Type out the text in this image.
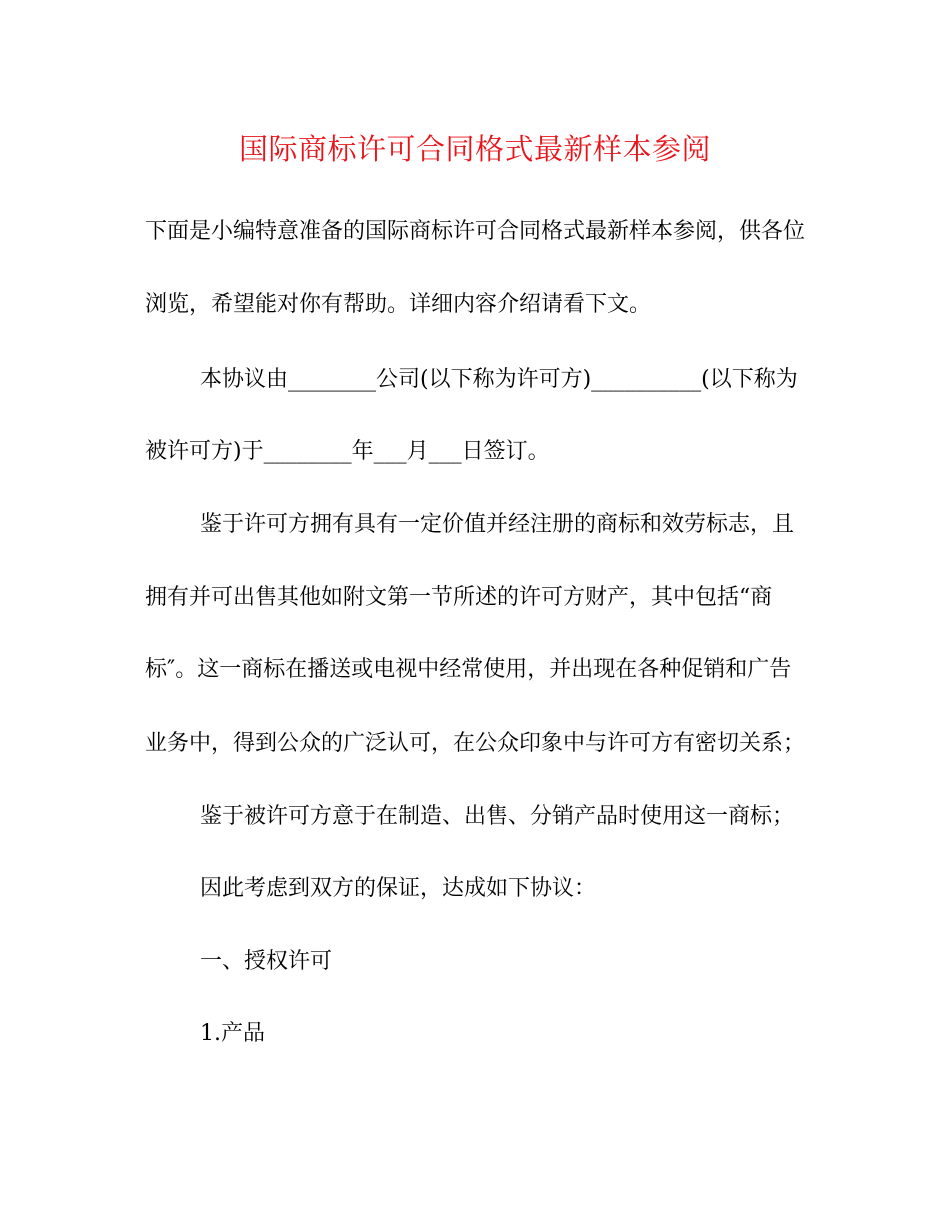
国际商标许可合同格式最新样本参阅
下面是小编特意准备的国际商标许可合同格式最新样本参阅，供各位
浏览，希望能对你有帮助。详细内容介绍请看下文。
本协议由________公司(以下称为许可方)__________(以下称为
被许可方)于________年___月___日签订。
鉴于许可方拥有具有一定价值并经注册的商标和效劳标志，且
拥有并可出售其他如附文第一节所述的许可方财产，其中包括“商
标″。这一商标在播送或电视中经常使用，并出现在各种促销和广告
业务中，得到公众的广泛认可，在公众印象中与许可方有密切关系；
鉴于被许可方意于在制造、出售、分销产品时使用这一商标；
因此考虑到双方的保证，达成如下协议：
一、授权许可
1.产品
